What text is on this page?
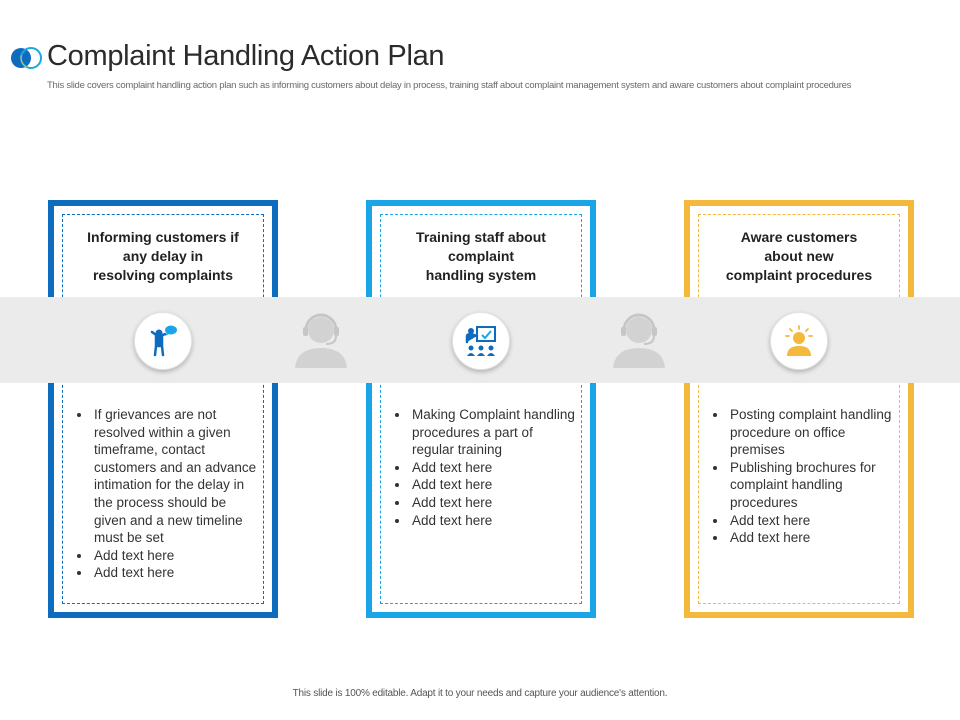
Complaint Handling Action Plan
This slide covers complaint handling action plan such as informing customers about delay in process, training staff about complaint management system and aware customers about complaint procedures
Informing customers if
any delay in
resolving complaints
• If grievances are not resolved within a given timeframe, contact customers and an advance intimation for the delay in the process should be given and a new timeline must be set
• Add text here
• Add text here
Training staff about
complaint
handling system
• Making Complaint handling procedures a part of regular training
• Add text here
• Add text here
• Add text here
• Add text here
Aware customers
about new
complaint procedures
• Posting complaint handling procedure on office premises
• Publishing brochures for complaint handling procedures
• Add text here
• Add text here
This slide is 100% editable. Adapt it to your needs and capture your audience's attention.
